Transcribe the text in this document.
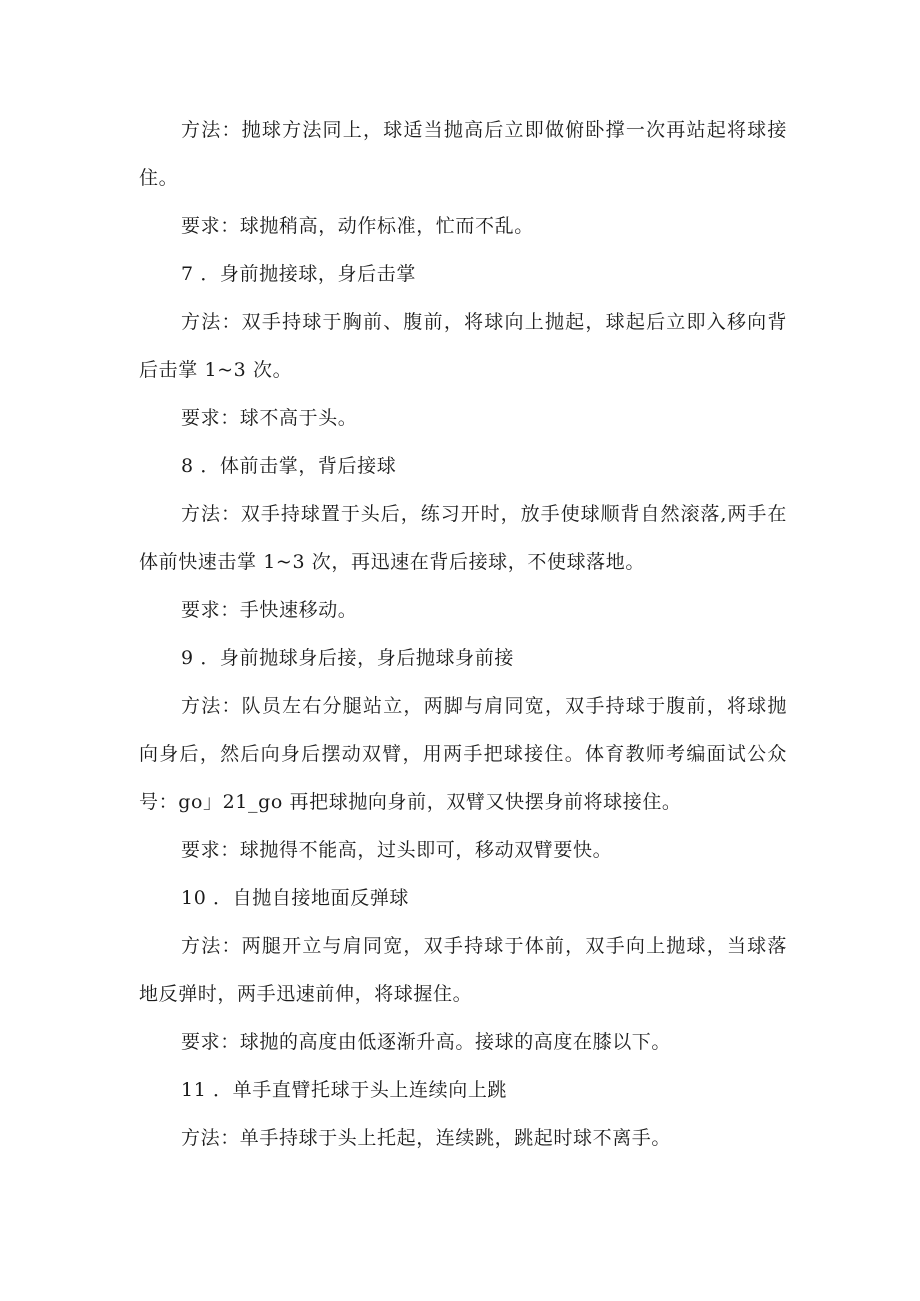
方法：抛球方法同上，球适当抛高后立即做俯卧撑一次再站起将球接住。

要求：球抛稍高，动作标准，忙而不乱。

7 ．身前抛接球，身后击掌

方法：双手持球于胸前、腹前，将球向上抛起，球起后立即入移向背后击掌 1~3 次。

要求：球不高于头。

8 ．体前击掌，背后接球

方法：双手持球置于头后，练习开时，放手使球顺背自然滚落,两手在体前快速击掌 1~3 次，再迅速在背后接球，不使球落地。

要求：手快速移动。

9 ．身前抛球身后接，身后抛球身前接

方法：队员左右分腿站立，两脚与肩同宽，双手持球于腹前，将球抛向身后，然后向身后摆动双臂，用两手把球接住。体育教师考编面试公众号：go」21_go 再把球抛向身前，双臂又快摆身前将球接住。

要求：球抛得不能高，过头即可，移动双臂要快。

10 ．自抛自接地面反弹球

方法：两腿开立与肩同宽，双手持球于体前，双手向上抛球，当球落地反弹时，两手迅速前伸，将球握住。

要求：球抛的高度由低逐渐升高。接球的高度在膝以下。

11 ．单手直臂托球于头上连续向上跳

方法：单手持球于头上托起，连续跳，跳起时球不离手。
